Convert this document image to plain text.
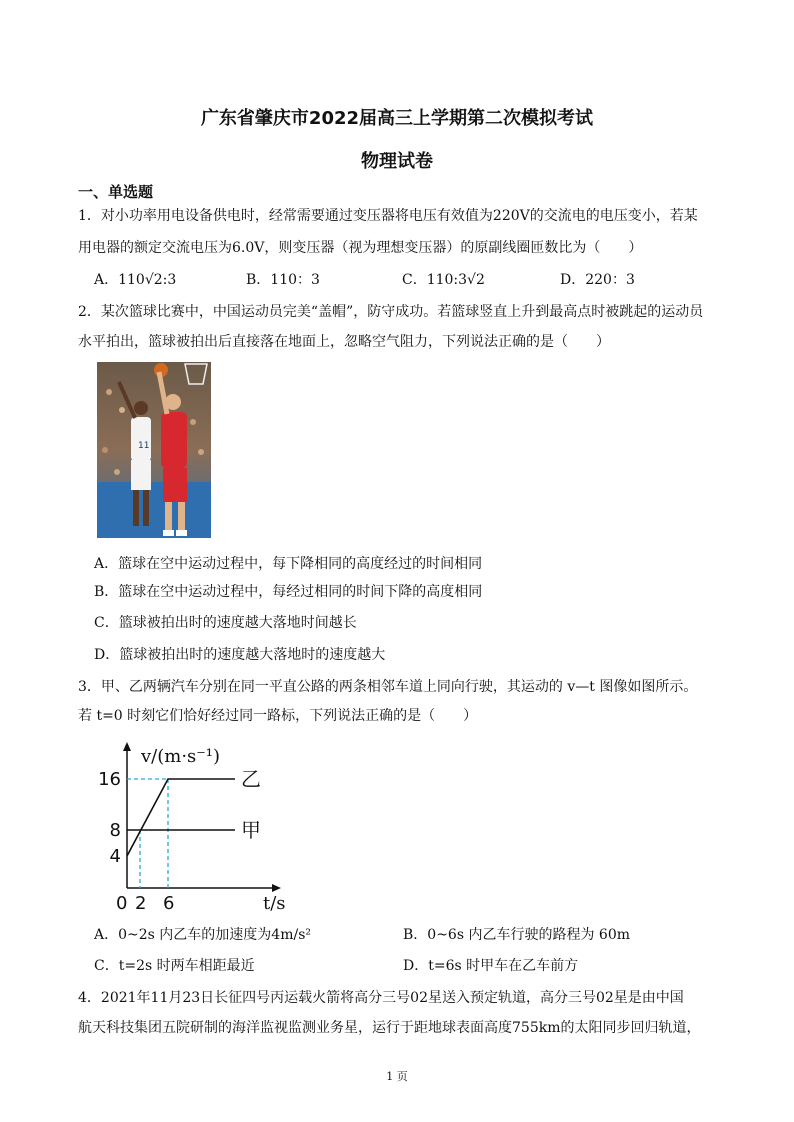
广东省肇庆市2022届高三上学期第二次模拟考试
物理试卷
一、单选题
1．对小功率用电设备供电时，经常需要通过变压器将电压有效值为220V的交流电的电压变小，若某
用电器的额定交流电压为6.0V，则变压器（视为理想变压器）的原副线圈匝数比为（　　）
A．110√2:3	B．110：3	C．110:3√2	D．220：3
2．某次篮球比赛中，中国运动员完美“盖帽”，防守成功。若篮球竖直上升到最高点时被跳起的运动员
水平拍出，篮球被拍出后直接落在地面上，忽略空气阻力，下列说法正确的是（　　）
11
A．篮球在空中运动过程中，每下降相同的高度经过的时间相同
B．篮球在空中运动过程中，每经过相同的时间下降的高度相同
C．篮球被拍出时的速度越大落地时间越长
D．篮球被拍出时的速度越大落地时的速度越大
3．甲、乙两辆汽车分别在同一平直公路的两条相邻车道上同向行驶，其运动的 v—t 图像如图所示。
若 t=0 时刻它们恰好经过同一路标，下列说法正确的是（　　）
v/(m·s⁻¹)
t/s
16
8
4
0 2 6
乙
甲
A．0~2s 内乙车的加速度为4m/s²	B．0~6s 内乙车行驶的路程为 60m
C．t=2s 时两车相距最近	D．t=6s 时甲车在乙车前方
4．2021年11月23日长征四号丙运载火箭将高分三号02星送入预定轨道，高分三号02星是由中国
航天科技集团五院研制的海洋监视监测业务星，运行于距地球表面高度755km的太阳同步回归轨道，
1 页
